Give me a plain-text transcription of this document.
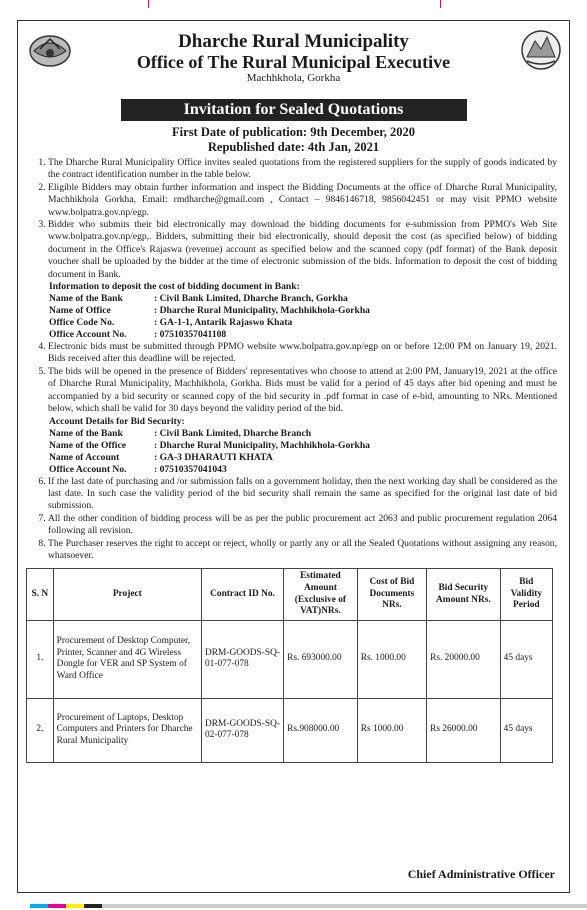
Dharche Rural Municipality
Office of The Rural Municipal Executive
Machhkhola, Gorkha
Invitation for Sealed Quotations
First Date of publication: 9th December, 2020
Republished date: 4th Jan, 2021
1. The Dharche Rural Municipality Office invites sealed quotations from the registered suppliers for the supply of goods indicated by the contract identification number in the table below.
2. Eligible Bidders may obtain further information and inspect the Bidding Documents at the office of Dharche Rural Municipality, Machhikhola Gorkha, Email: rmdharche@gmail.com , Contact – 9846146718, 9856042451 or may visit PPMO website www.bolpatra.gov.np/egp.
3. Bidder who submits their bid electronically may download the bidding documents for e-submission from PPMO's Web Site www.bolpatra.gov.np/egp,. Bidders, submitting their bid electronically, should deposit the cost (as specified below) of bidding document in the Office's Rajaswa (revenue) account as specified below and the scanned copy (pdf format) of the Bank deposit voucher shall be uploaded by the bidder at the time of electronic submission of the bids. Information to deposit the cost of bidding document in Bank.
Information to deposit the cost of bidding document in Bank:
Name of the Bank	: Civil Bank Limited, Dharche Branch, Gorkha
Name of Office	: Dharche Rural Municipality, Machhikhola-Gorkha
Office Code No.	: GA-1-1, Antarik Rajaswo Khata
Office Account No.	: 07510357041108
4. Electronic bids must be submitted through PPMO website www.bolpatra.gov.np/egp on or before 12:00 PM on January 19, 2021. Bids received after this deadline will be rejected.
5. The bids will be opened in the presence of Bidders' representatives who choose to attend at 2:00 PM, January19, 2021 at the office of Dharche Rural Municipality, Machhikhola, Gorkha. Bids must be valid for a period of 45 days after bid opening and must be accompanied by a bid security or scanned copy of the bid security in .pdf format in case of e-bid, amounting to NRs. Mentioned below, which shall be valid for 30 days beyond the validity period of the bid.
Account Details for Bid Security:
Name of the Bank	: Civil Bank Limited, Dharche Branch
Name of the Office	: Dharche Rural Municipality, Machhikhola-Gorkha
Name of Account	: GA-3 DHARAUTI KHATA
Office Account No.	: 07510357041043
6. If the last date of purchasing and /or submission falls on a government holiday, then the next working day shall be considered as the last date. In such case the validity period of the bid security shall remain the same as specified for the original last date of bid submission.
7. All the other condition of bidding process will be as per the public procurement act 2063 and public procurement regulation 2064 following all revision.
8. The Purchaser reserves the right to accept or reject, wholly or partly any or all the Sealed Quotations without assigning any reason, whatsoever.
S. N	Project	Contract ID No.	Estimated Amount (Exclusive of VAT)NRs.	Cost of Bid Documents NRs.	Bid Security Amount NRs.	Bid Validity Period
1.	Procurement of Desktop Computer, Printer, Scanner and 4G Wireless Dongle for VER and SP System of Ward Office	DRM-GOODS-SQ-01-077-078	Rs. 693000.00	Rs. 1000.00	Rs. 20000.00	45 days
2.	Procurement of Laptops, Desktop Computers and Printers for Dharche Rural Municipality	DRM-GOODS-SQ-02-077-078	Rs.908000.00	Rs 1000.00	Rs 26000.00	45 days
Chief Administrative Officer
